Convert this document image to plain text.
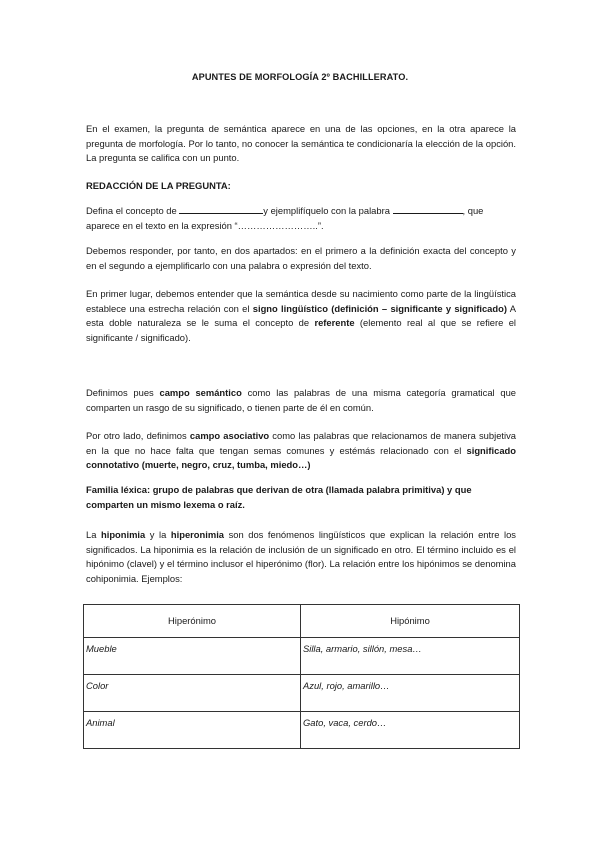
APUNTES DE MORFOLOGÍA 2º BACHILLERATO.

En el examen, la pregunta de semántica aparece en una de las opciones, en la otra aparece la pregunta de morfología. Por lo tanto, no conocer la semántica te condicionaría la elección de la opción. La pregunta se califica con un punto.

REDACCIÓN DE LA PREGUNTA:

Defina el concepto de	y ejemplifíquelo con la palabra	, que aparece en el texto en la expresión “……………………..”.

Debemos responder, por tanto, en dos apartados: en el primero a la definición exacta del concepto y en el segundo a ejemplificarlo con una palabra o expresión del texto.

En primer lugar, debemos entender que la semántica desde su nacimiento como parte de la lingüística establece una estrecha relación con el signo lingüístico (definición – significante y significado) A esta doble naturaleza se le suma el concepto de referente (elemento real al que se refiere el significante / significado).

Definimos pues campo semántico como las palabras de una misma categoría gramatical que comparten un rasgo de su significado, o tienen parte de él en común.

Por otro lado, definimos campo asociativo como las palabras que relacionamos de manera subjetiva en la que no hace falta que tengan semas comunes y estémás relacionado con el significado connotativo (muerte, negro, cruz, tumba, miedo…)

Familia léxica: grupo de palabras que derivan de otra (llamada palabra primitiva) y que comparten un mismo lexema o raíz.

La hiponimia y la hiperonimia son dos fenómenos lingüísticos que explican la relación entre los significados. La hiponimia es la relación de inclusión de un significado en otro. El término incluido es el hipónimo (clavel) y el término inclusor el hiperónimo (flor). La relación entre los hipónimos se denomina cohiponimia. Ejemplos:

Hiperónimo	Hipónimo
Mueble	Silla, armario, sillón, mesa…
Color	Azul, rojo, amarillo…
Animal	Gato, vaca, cerdo…
